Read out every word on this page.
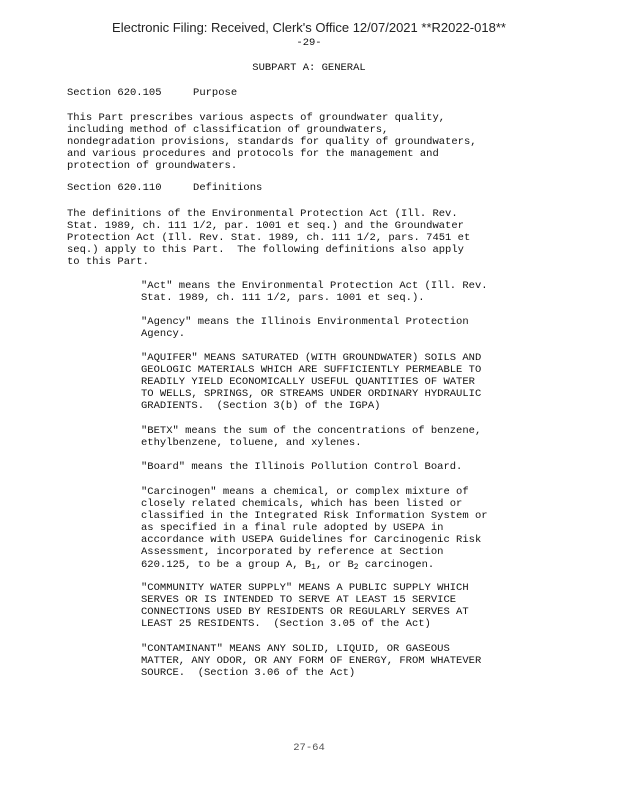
Electronic Filing: Received, Clerk's Office 12/07/2021 **R2022-018**
-29-
SUBPART A: GENERAL
Section 620.105     Purpose
This Part prescribes various aspects of groundwater quality,
including method of classification of groundwaters,
nondegradation provisions, standards for quality of groundwaters,
and various procedures and protocols for the management and
protection of groundwaters.
Section 620.110     Definitions
The definitions of the Environmental Protection Act (Ill. Rev.
Stat. 1989, ch. 111 1/2, par. 1001 et seq.) and the Groundwater
Protection Act (Ill. Rev. Stat. 1989, ch. 111 1/2, pars. 7451 et
seq.) apply to this Part.  The following definitions also apply
to this Part.
"Act" means the Environmental Protection Act (Ill. Rev.
Stat. 1989, ch. 111 1/2, pars. 1001 et seq.).
"Agency" means the Illinois Environmental Protection
Agency.
"AQUIFER" MEANS SATURATED (WITH GROUNDWATER) SOILS AND
GEOLOGIC MATERIALS WHICH ARE SUFFICIENTLY PERMEABLE TO
READILY YIELD ECONOMICALLY USEFUL QUANTITIES OF WATER
TO WELLS, SPRINGS, OR STREAMS UNDER ORDINARY HYDRAULIC
GRADIENTS.  (Section 3(b) of the IGPA)
"BETX" means the sum of the concentrations of benzene,
ethylbenzene, toluene, and xylenes.
"Board" means the Illinois Pollution Control Board.
"Carcinogen" means a chemical, or complex mixture of
closely related chemicals, which has been listed or
classified in the Integrated Risk Information System or
as specified in a final rule adopted by USEPA in
accordance with USEPA Guidelines for Carcinogenic Risk
Assessment, incorporated by reference at Section
620.125, to be a group A, $B_1$, or $B_2$ carcinogen.
"COMMUNITY WATER SUPPLY" MEANS A PUBLIC SUPPLY WHICH
SERVES OR IS INTENDED TO SERVE AT LEAST 15 SERVICE
CONNECTIONS USED BY RESIDENTS OR REGULARLY SERVES AT
LEAST 25 RESIDENTS.  (Section 3.05 of the Act)
"CONTAMINANT" MEANS ANY SOLID, LIQUID, OR GASEOUS
MATTER, ANY ODOR, OR ANY FORM OF ENERGY, FROM WHATEVER
SOURCE.  (Section 3.06 of the Act)
27-64
